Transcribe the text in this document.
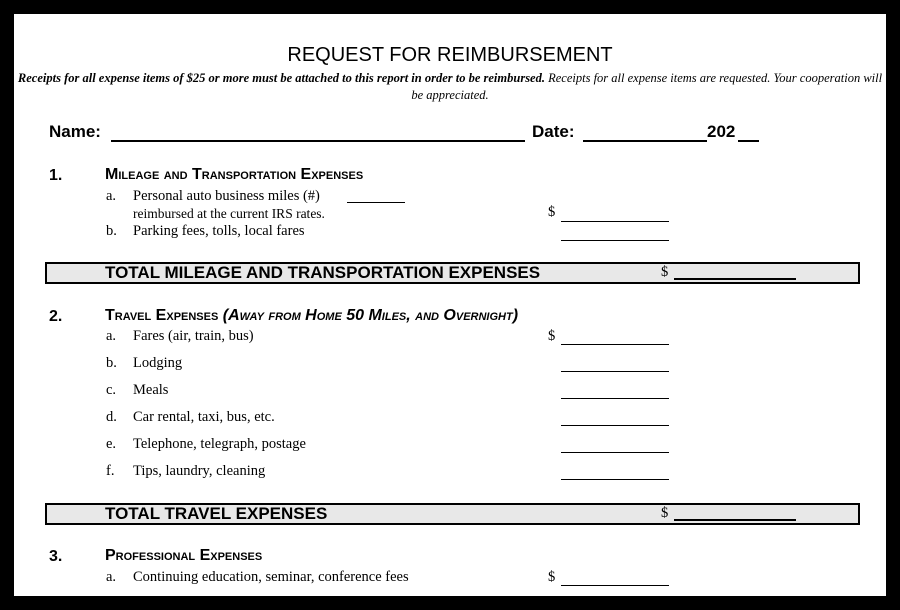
REQUEST FOR REIMBURSEMENT
Receipts for all expense items of $25 or more must be attached to this report in order to be reimbursed. Receipts for all expense items are requested. Your cooperation will be appreciated.
Name:	Date:	202
1.	Mileage and Transportation Expenses
a. Personal auto business miles (#)
reimbursed at the current IRS rates.	$
b. Parking fees, tolls, local fares
TOTAL MILEAGE AND TRANSPORTATION EXPENSES	$
2.	Travel Expenses (Away from Home 50 Miles, and Overnight)
a. Fares (air, train, bus)	$
b. Lodging
c. Meals
d. Car rental, taxi, bus, etc.
e. Telephone, telegraph, postage
f. Tips, laundry, cleaning
TOTAL TRAVEL EXPENSES	$
3.	Professional Expenses
a. Continuing education, seminar, conference fees	$
